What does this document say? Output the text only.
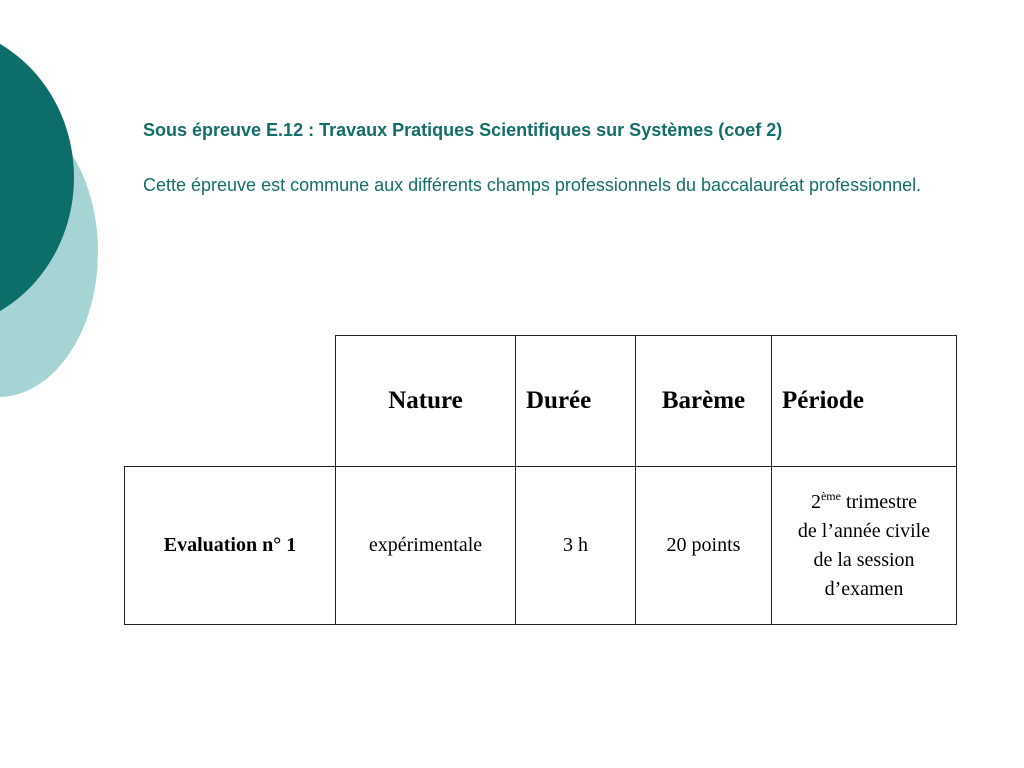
Sous épreuve E.12 : Travaux Pratiques Scientifiques sur Systèmes (coef 2)

Cette épreuve est commune aux différents champs professionnels du baccalauréat professionnel.

	Nature	Durée	Barème	Période
Evaluation n° 1	expérimentale	3 h	20 points	2ème trimestre
de l’année civile
de la session
d’examen
